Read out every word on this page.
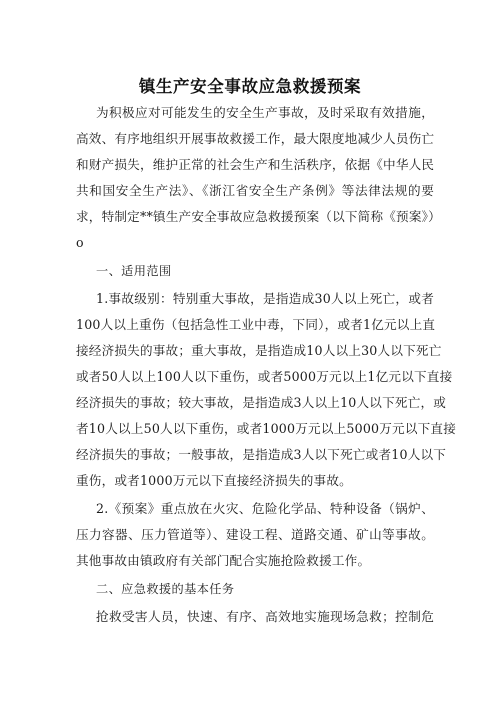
镇生产安全事故应急救援预案
为积极应对可能发生的安全生产事故，及时采取有效措施，
高效、有序地组织开展事故救援工作，最大限度地减少人员伤亡
和财产损失，维护正常的社会生产和生活秩序，依据《中华人民
共和国安全生产法》、《浙江省安全生产条例》等法律法规的要
求，特制定**镇生产安全事故应急救援预案（以下简称《预案》）
o
一、适用范围
1.事故级别：特别重大事故，是指造成30人以上死亡，或者
100人以上重伤（包括急性工业中毒，下同），或者1亿元以上直
接经济损失的事故；重大事故，是指造成10人以上30人以下死亡
或者50人以上100人以下重伤，或者5000万元以上1亿元以下直接
经济损失的事故；较大事故，是指造成3人以上10人以下死亡，或
者10人以上50人以下重伤，或者1000万元以上5000万元以下直接
经济损失的事故；一般事故，是指造成3人以下死亡或者10人以下
重伤，或者1000万元以下直接经济损失的事故。
2.《预案》重点放在火灾、危险化学品、特种设备（锅炉、
压力容器、压力管道等）、建设工程、道路交通、矿山等事故。
其他事故由镇政府有关部门配合实施抢险救援工作。
二、应急救援的基本任务
抢救受害人员，快速、有序、高效地实施现场急救；控制危
